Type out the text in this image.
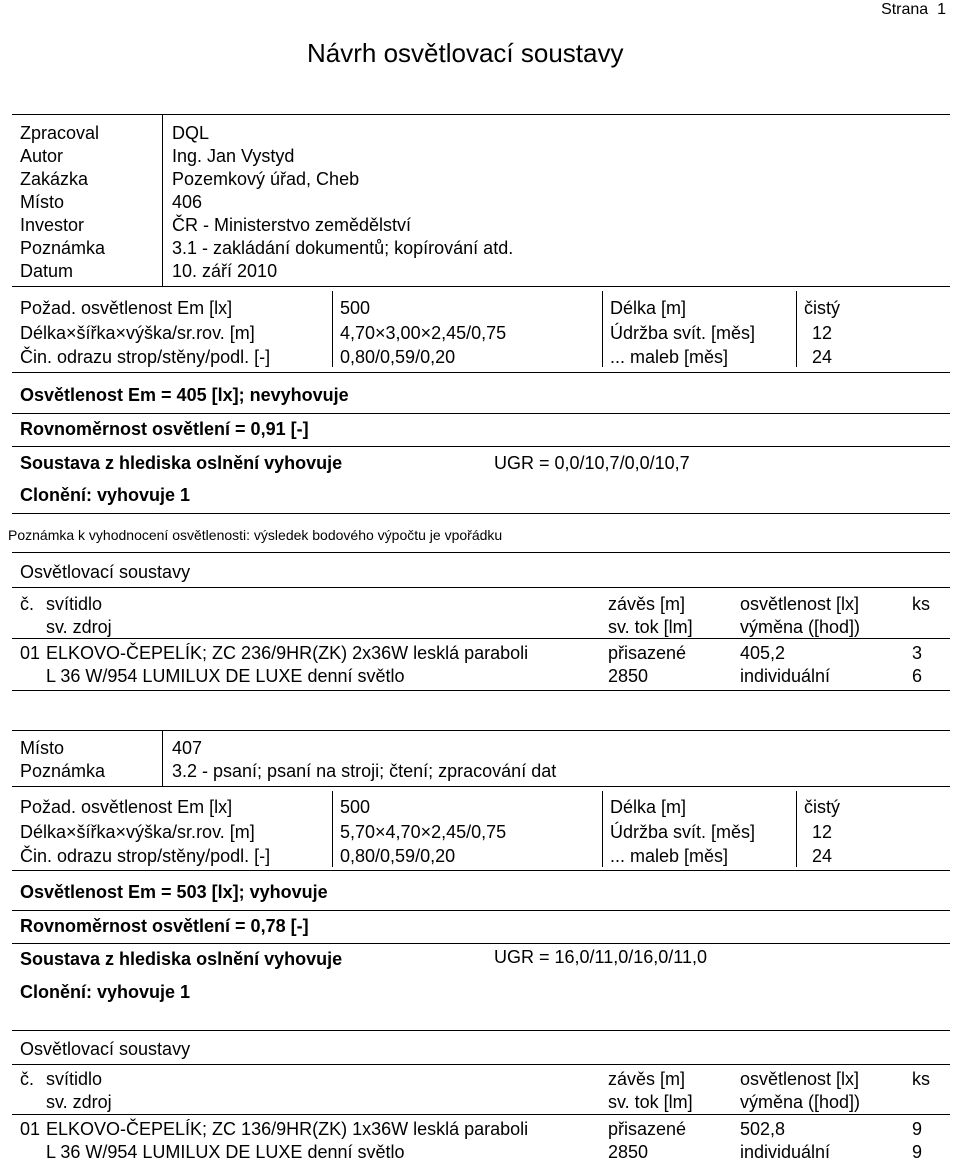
Strana 1
Návrh osvětlovací soustavy
Zpracoval
Autor
Zakázka
Místo
Investor
Poznámka
Datum
DQL
Ing. Jan Vystyd
Pozemkový úřad, Cheb
406
ČR - Ministerstvo zemědělství
3.1 - zakládání dokumentů; kopírování atd.
10. září 2010
Požad. osvětlenost Em [lx]
Délka×šířka×výška/sr.rov. [m]
Čin. odrazu strop/stěny/podl. [-]
500
4,70×3,00×2,45/0,75
0,80/0,59/0,20
Délka [m]
Údržba svít. [měs]
... maleb [měs]
čistý
12
24
Osvětlenost Em = 405 [lx]; nevyhovuje
Rovnoměrnost osvětlení = 0,91 [-]
Soustava z hlediska oslnění vyhovuje	UGR = 0,0/10,7/0,0/10,7
Clonění: vyhovuje 1
Poznámka k vyhodnocení osvětlenosti: výsledek bodového výpočtu je vpořádku
Osvětlovací soustavy
č. svítidlo
sv. zdroj
závěs [m]
sv. tok [lm]
osvětlenost [lx]
výměna ([hod])
ks
01 ELKOVO-ČEPELÍK; ZC 236/9HR(ZK) 2x36W lesklá paraboli
L 36 W/954 LUMILUX DE LUXE denní světlo
přisazené
2850
405,2
individuální
3
6
Místo
Poznámka
407
3.2 - psaní; psaní na stroji; čtení; zpracování dat
Požad. osvětlenost Em [lx]
Délka×šířka×výška/sr.rov. [m]
Čin. odrazu strop/stěny/podl. [-]
500
5,70×4,70×2,45/0,75
0,80/0,59/0,20
Délka [m]
Údržba svít. [měs]
... maleb [měs]
čistý
12
24
Osvětlenost Em = 503 [lx]; vyhovuje
Rovnoměrnost osvětlení = 0,78 [-]
Soustava z hlediska oslnění vyhovuje	UGR = 16,0/11,0/16,0/11,0
Clonění: vyhovuje 1
Osvětlovací soustavy
č. svítidlo
sv. zdroj
závěs [m]
sv. tok [lm]
osvětlenost [lx]
výměna ([hod])
ks
01 ELKOVO-ČEPELÍK; ZC 136/9HR(ZK) 1x36W lesklá paraboli
L 36 W/954 LUMILUX DE LUXE denní světlo
přisazené
2850
502,8
individuální
9
9
